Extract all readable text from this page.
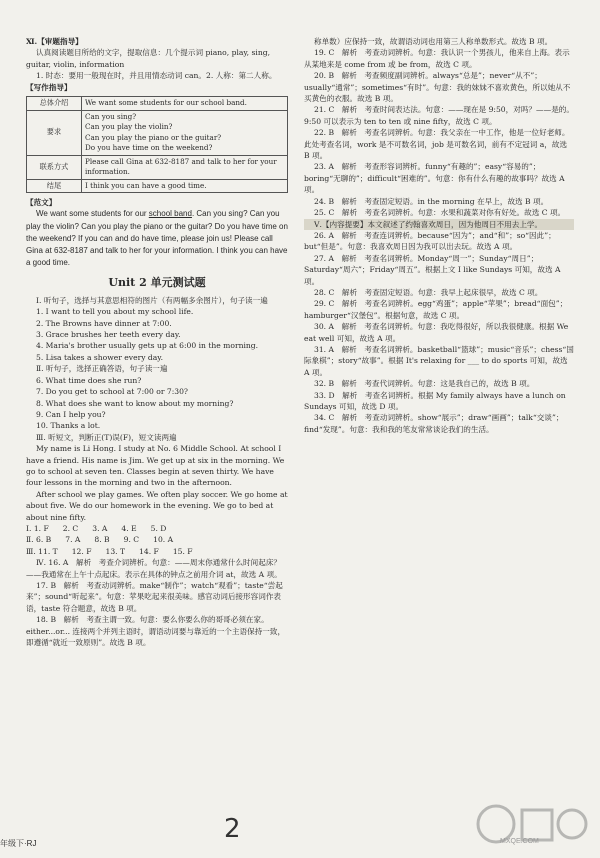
Ⅺ.【审题指导】
认真阅读题目所给的文字，提取信息：几个提示词 piano, play, sing, guitar, violin, information
1. 时态：要用一般现在时，并且用情态动词 can。2. 人称：第二人称。
【写作指导】
总体介绍	We want some students for our school band.
要求	Can you sing?
Can you play the violin?
Can you play the piano or the guitar?
Do you have time on the weekend?

联系方式	Please call Gina at 632-8187 and talk to her for your information.
结尾	I think you can have a good time.
【范文】
We want some students for our school band. Can you sing? Can you play the violin? Can you play the piano or the guitar? Do you have time on the weekend? If you can and do have time, please join us! Please call Gina at 632-8187 and talk to her for your information. I think you can have a good time.
Unit 2 单元测试题
Ⅰ. 听句子，选择与其意思相符的图片（有两幅多余图片），句子读一遍
1. I want to tell you about my school life.
2. The Browns have dinner at 7:00.
3. Grace brushes her teeth every day.
4. Maria's brother usually gets up at 6:00 in the morning.
5. Lisa takes a shower every day.
Ⅱ. 听句子，选择正确答语，句子读一遍
6. What time does she run?
7. Do you get to school at 7:00 or 7:30?
8. What does she want to know about my morning?
9. Can I help you?
10. Thanks a lot.
Ⅲ. 听短文，判断正(T)误(F)，短文读两遍
My name is Li Hong. I study at No. 6 Middle School. At school I have a friend. His name is Jim. We get up at six in the morning. We go to school at seven ten. Classes begin at seven thirty. We have four lessons in the morning and two in the afternoon.
After school we play games. We often play soccer. We go home at about five. We do our homework in the evening. We go to bed at about nine fifty.
Ⅰ. 1. F 2. C 3. A 4. E 5. D
Ⅱ. 6. B 7. A 8. B 9. C 10. A
Ⅲ. 11. T 12. F 13. T 14. F 15. F
Ⅳ. 16. A　解析　考查介词辨析。句意：——周末你通常什么时间起床？——我通常在上午十点起床。表示在具体的钟点之前用介词 at，故选 A 项。
17. B　解析　考查动词辨析。make“制作”；watch“观看”；taste“尝起来”；sound“听起来”。句意：苹果吃起来很美味。感官动词后接形容词作表语，taste 符合题意，故选 B 项。
18. B　解析　考查主谓一致。句意：要么你要么你的哥哥必须在家。either...or... 连接两个并列主语时，谓语动词要与靠近的一个主语保持一致，即遵循“就近一致原则”。故选 B 项。
称单数）应保持一致，故谓语动词也用第三人称单数形式。故选 B 项。
19. C　解析　考查动词辨析。句意：我认识一个男孩儿，他来自上海。表示从某地来是 come from 或 be from，故选 C 项。
20. B　解析　考查频度副词辨析。always“总是”；never“从不”；usually“通常”；sometimes“有时”。句意：我的妹妹不喜欢黄色，所以她从不买黄色的衣服。故选 B 项。
21. C　解析　考查时间表达法。句意：——现在是 9:50，对吗？——是的。9:50 可以表示为 ten to ten 或 nine fifty，故选 C 项。
22. B　解析　考查名词辨析。句意：我父亲在一中工作，他是一位好老师。此处考查名词，work 是不可数名词，job 是可数名词，前有不定冠词 a，故选 B 项。
23. A　解析　考查形容词辨析。funny“有趣的”；easy“容易的”；boring“无聊的”；difficult“困难的”。句意：你有什么有趣的故事吗？故选 A 项。
24. B　解析　考查固定短语。in the morning 在早上，故选 B 项。
25. C　解析　考查名词辨析。句意：水果和蔬菜对你有好处。故选 C 项。
Ⅴ.【内容提要】本文叙述了约翰喜欢周日，因为他周日不用去上学。
26. A　解析　考查连词辨析。because“因为”；and“和”；so“因此”；but“但是”。句意：我喜欢周日因为我可以出去玩。故选 A 项。
27. A　解析　考查名词辨析。Monday“周一”；Sunday“周日”；Saturday“周六”；Friday“周五”。根据上文 I like Sundays 可知，故选 A 项。
28. C　解析　考查固定短语。句意：我早上起床很早，故选 C 项。
29. C　解析　考查名词辨析。egg“鸡蛋”；apple“苹果”；bread“面包”；hamburger“汉堡包”。根据句意，故选 C 项。
30. A　解析　考查名词辨析。句意：我吃得很好，所以我很健康。根据 We eat well 可知，故选 A 项。
31. A　解析　考查名词辨析。basketball“篮球”；music“音乐”；chess“国际象棋”；story“故事”。根据 It's relaxing for ___ to do sports 可知，故选 A 项。
32. B　解析　考查代词辨析。句意：这是我自己的，故选 B 项。
33. D　解析　考查名词辨析。根据 My family always have a lunch on Sundays 可知，故选 D 项。
34. C　解析　考查动词辨析。show“展示”；draw“画画”；talk“交谈”；find“发现”。句意：我和我的笔友常常谈论我们的生活。
年级下·RJ	2	MXQE.COM
